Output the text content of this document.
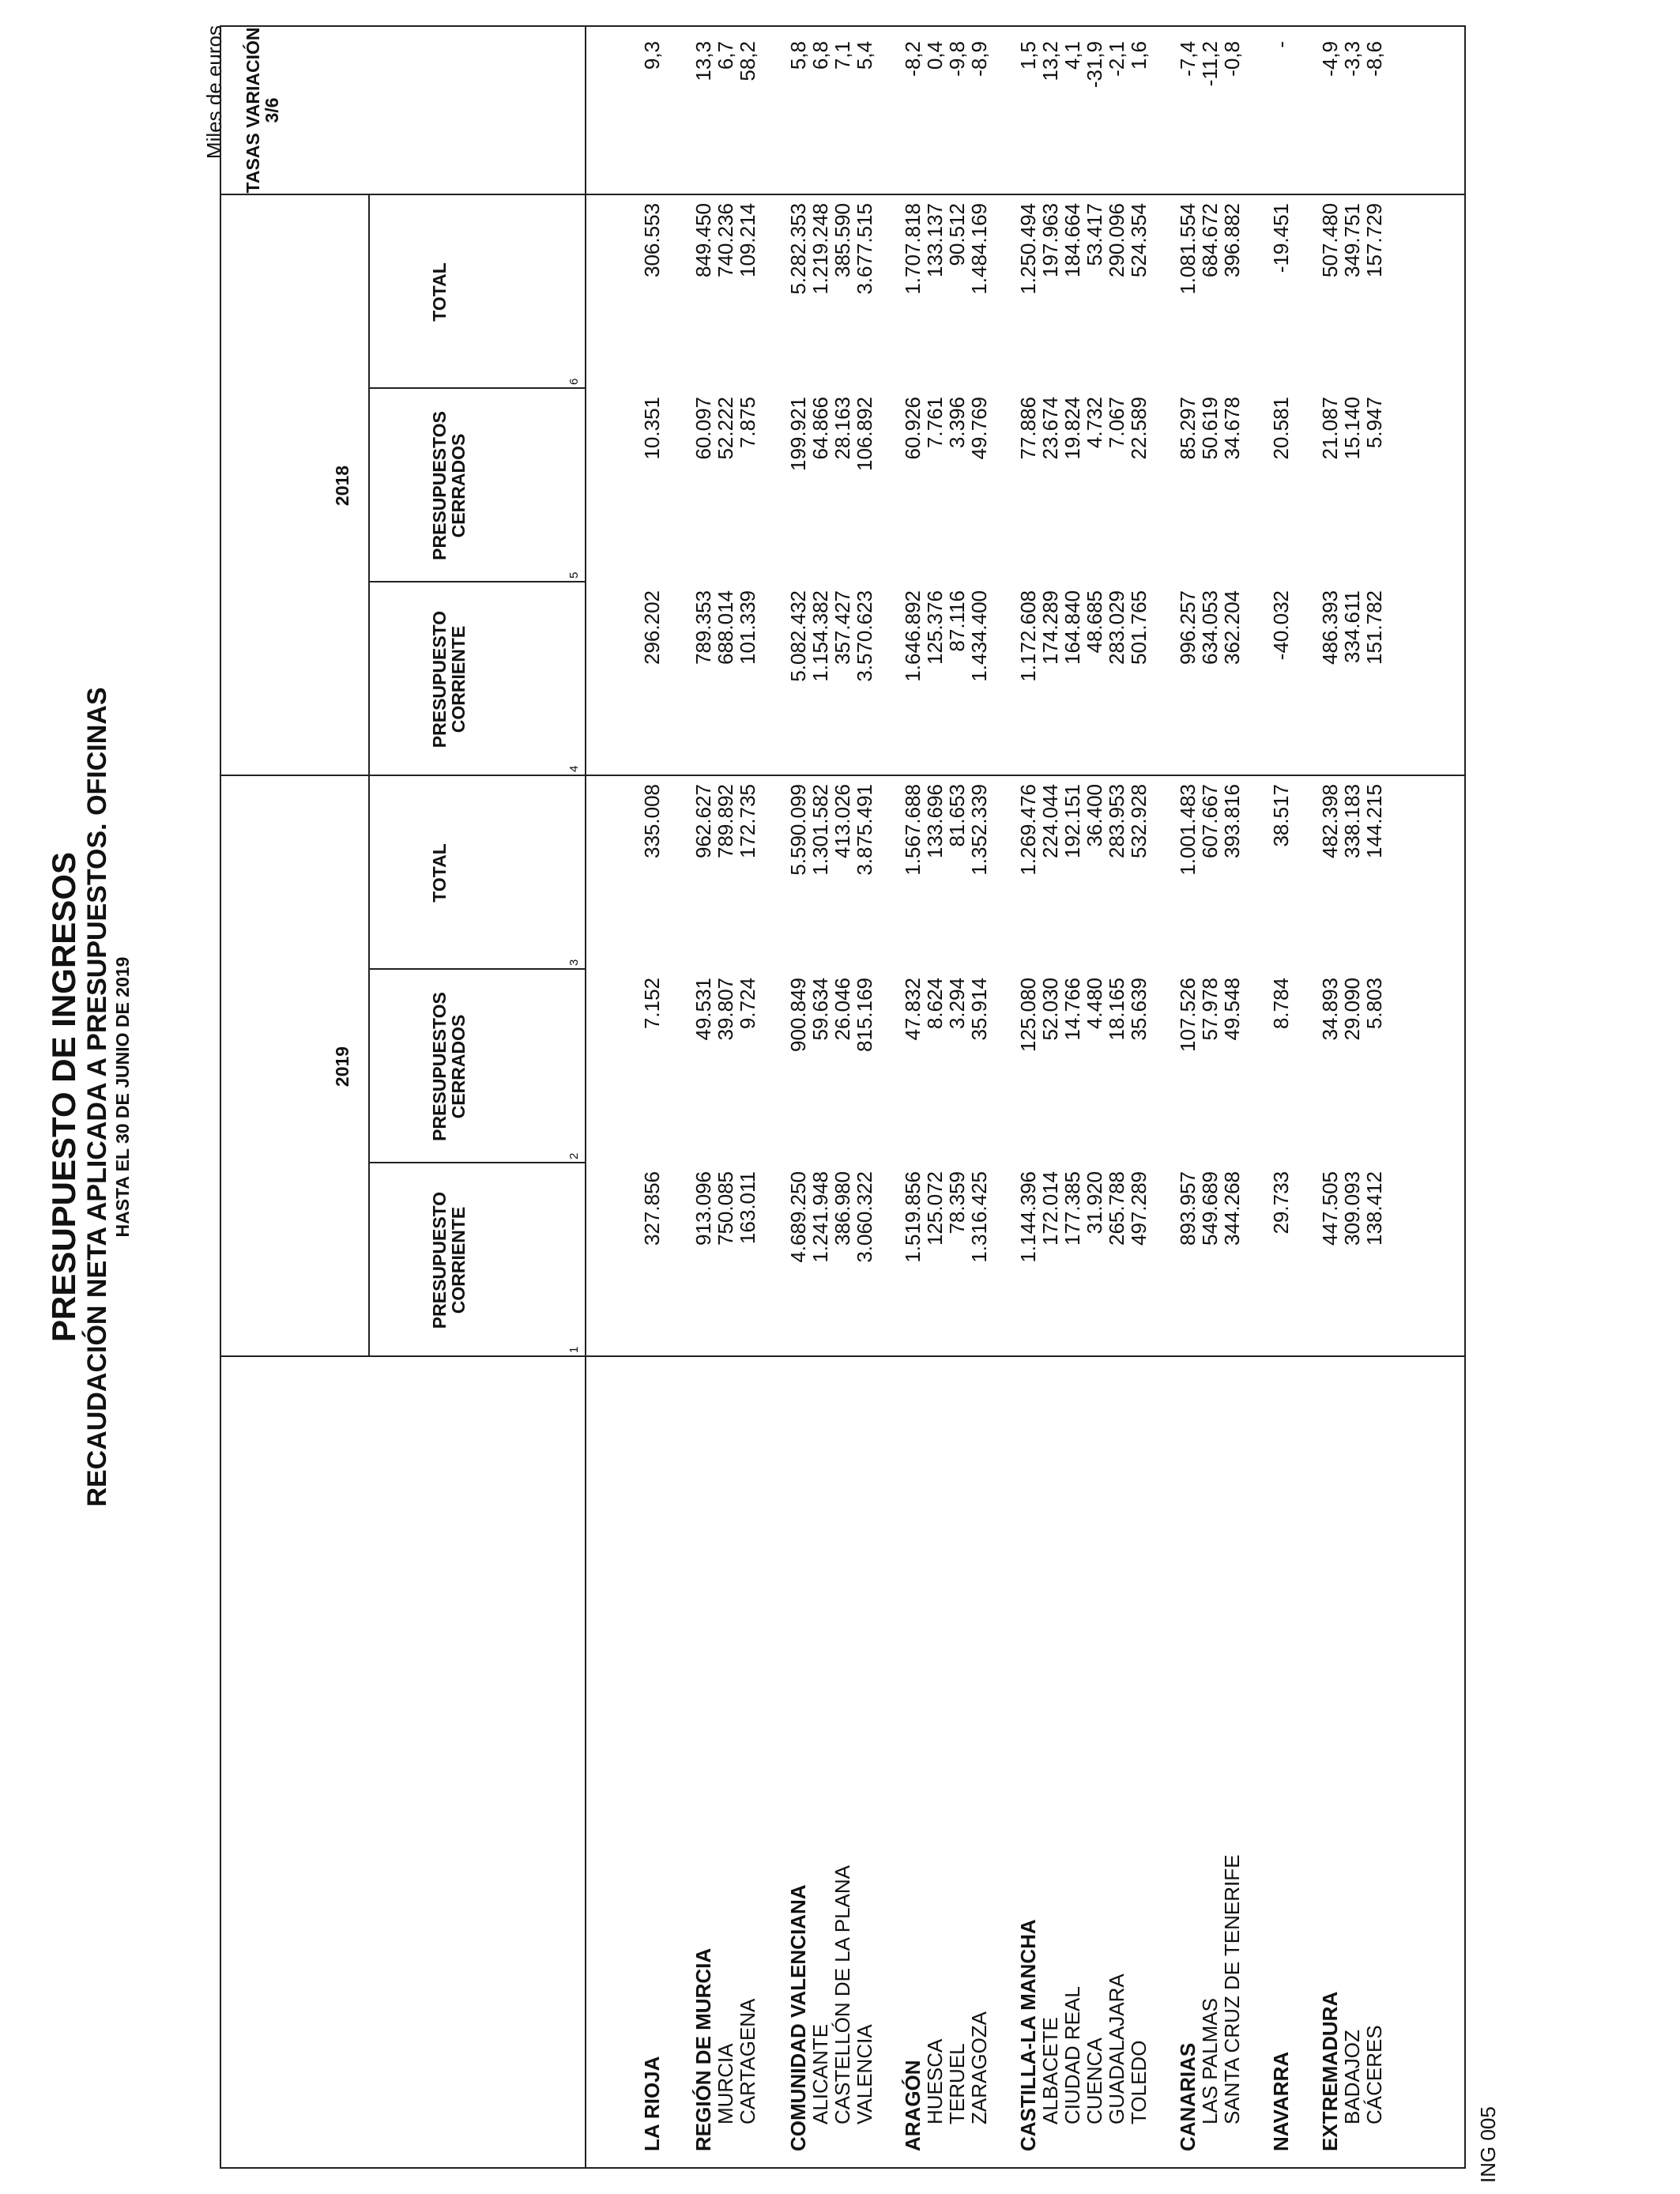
PRESUPUESTO DE INGRESOS RECAUDACIÓN NETA APLICADA A PRESUPUESTOS. OFICINAS HASTA EL 30 DE JUNIO DE 2019
Miles de euros
2019
2018
TASAS VARIACIÓN 3/6
PRESUPUESTO CORRIENTE
PRESUPUESTOS CERRADOS
TOTAL
PRESUPUESTO CORRIENTE
PRESUPUESTOS CERRADOS
TOTAL
1
2
3
4
5
6
LA RIOJA
327.856
7.152
335.008
296.202
10.351
306.553
9,3
REGIÓN DE MURCIA
913.096
49.531
962.627
789.353
60.097
849.450
13,3
MURCIA
750.085
39.807
789.892
688.014
52.222
740.236
6,7
CARTAGENA
163.011
9.724
172.735
101.339
7.875
109.214
58,2
COMUNIDAD VALENCIANA
4.689.250
900.849
5.590.099
5.082.432
199.921
5.282.353
5,8
ALICANTE
1.241.948
59.634
1.301.582
1.154.382
64.866
1.219.248
6,8
CASTELLÓN DE LA PLANA
386.980
26.046
413.026
357.427
28.163
385.590
7,1
VALENCIA
3.060.322
815.169
3.875.491
3.570.623
106.892
3.677.515
5,4
ARAGÓN
1.519.856
47.832
1.567.688
1.646.892
60.926
1.707.818
-8,2
HUESCA
125.072
8.624
133.696
125.376
7.761
133.137
0,4
TERUEL
78.359
3.294
81.653
87.116
3.396
90.512
-9,8
ZARAGOZA
1.316.425
35.914
1.352.339
1.434.400
49.769
1.484.169
-8,9
CASTILLA-LA MANCHA
1.144.396
125.080
1.269.476
1.172.608
77.886
1.250.494
1,5
ALBACETE
172.014
52.030
224.044
174.289
23.674
197.963
13,2
CIUDAD REAL
177.385
14.766
192.151
164.840
19.824
184.664
4,1
CUENCA
31.920
4.480
36.400
48.685
4.732
53.417
-31,9
GUADALAJARA
265.788
18.165
283.953
283.029
7.067
290.096
-2,1
TOLEDO
497.289
35.639
532.928
501.765
22.589
524.354
1,6
CANARIAS
893.957
107.526
1.001.483
996.257
85.297
1.081.554
-7,4
LAS PALMAS
549.689
57.978
607.667
634.053
50.619
684.672
-11,2
SANTA CRUZ DE TENERIFE
344.268
49.548
393.816
362.204
34.678
396.882
-0,8
NAVARRA
29.733
8.784
38.517
-40.032
20.581
-19.451
-
EXTREMADURA
447.505
34.893
482.398
486.393
21.087
507.480
-4,9
BADAJOZ
309.093
29.090
338.183
334.611
15.140
349.751
-3,3
CÁCERES
138.412
5.803
144.215
151.782
5.947
157.729
-8,6
ING 005
